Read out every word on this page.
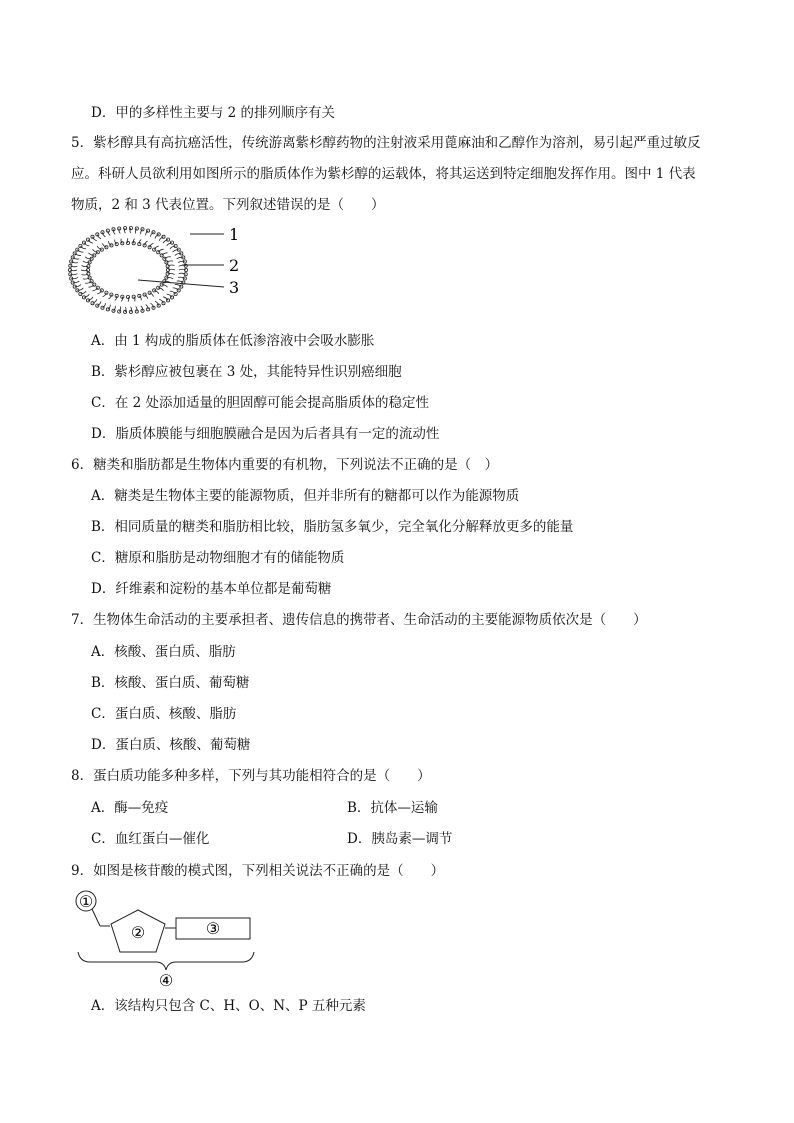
D．甲的多样性主要与 2 的排列顺序有关
5．紫杉醇具有高抗癌活性，传统游离紫杉醇药物的注射液采用蓖麻油和乙醇作为溶剂，易引起严重过敏反
应。科研人员欲利用如图所示的脂质体作为紫杉醇的运载体，将其运送到特定细胞发挥作用。图中 1 代表
物质，2 和 3 代表位置。下列叙述错误的是（　　）
1
2
3
A．由 1 构成的脂质体在低渗溶液中会吸水膨胀
B．紫杉醇应被包裹在 3 处，其能特异性识别癌细胞
C．在 2 处添加适量的胆固醇可能会提高脂质体的稳定性
D．脂质体膜能与细胞膜融合是因为后者具有一定的流动性
6．糖类和脂肪都是生物体内重要的有机物，下列说法不正确的是（　）
A．糖类是生物体主要的能源物质，但并非所有的糖都可以作为能源物质
B．相同质量的糖类和脂肪相比较，脂肪氢多氧少，完全氧化分解释放更多的能量
C．糖原和脂肪是动物细胞才有的储能物质
D．纤维素和淀粉的基本单位都是葡萄糖
7．生物体生命活动的主要承担者、遗传信息的携带者、生命活动的主要能源物质依次是（　　）
A．核酸、蛋白质、脂肪
B．核酸、蛋白质、葡萄糖
C．蛋白质、核酸、脂肪
D．蛋白质、核酸、葡萄糖
8．蛋白质功能多种多样，下列与其功能相符合的是（　　）
A．酶—免疫	B．抗体—运输
C．血红蛋白—催化	D．胰岛素—调节
9．如图是核苷酸的模式图，下列相关说法不正确的是（　　）
①
②	③
④
A．该结构只包含 C、H、O、N、P 五种元素
